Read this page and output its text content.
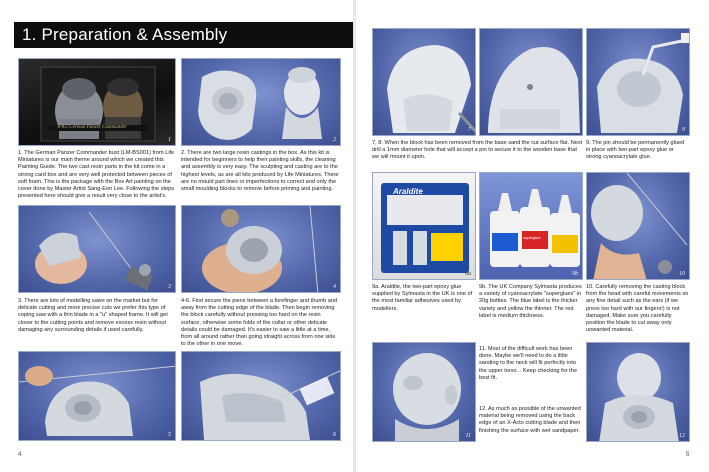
1. Preparation & Assembly
WW2 German Panzer Commander
1	2
1. The German Panzer Commander bust (LM-BS001) from Life Miniatures is our main theme around which we created this Painting Guide. The two cast resin parts in the kit come in a strong card box and are very well protected between pieces of soft foam. This is the package with the Box Art painting on the cover done by Master Artist Sang-Eon Lee. Following the steps presented here should give a result very close to the artist's.
2. There are two large resin castings in the box. As this kit is intended for beginners to help their painting skills, the cleaning and assembly is very easy. The sculpting and casting are to the highest levels, as are all kits produced by Life Miniatures. There are no mould part lines or imperfections to correct and only the small moulding blocks to remove before priming and painting.
3	4
3. There are lots of modelling saws on the market but for delicate cutting and more precise cuts we prefer this type of coping saw with a thin blade in a "u" shaped frame. It will get closer to the cutting points and remove excess resin without damaging any surrounding details if used carefully.
4-6. First secure the piece between a forefinger and thumb and away from the cutting edge of the blade. Then begin removing the block carefully without pressing too hard on the resin surface, otherwise some folds of the collar or other delicate details could be damaged. It's easier to saw a little at a time, from all around rather than going straight across from one side to the other in one move.
5	6
4
7	8	9
7, 8. When the block has been removed from the base sand the cut surface flat. Next drill a 1mm diameter hole that will accept a pin to secure it to the wooden base that we will mount it upon.
9. The pin should be permanently glued in place with two-part epoxy glue or strong cyanoacrylate glue.
Araldite
9a
superglue
9b	10
9a. Araldite, the two-part epoxy glue supplied by Sylmasta in the UK is one of the most familiar adhesives used by modellers.
9b. The UK Company Sylmasta produces a variety of cyanoacrylate "superglues" in 20g bottles. The blue label is the thicker variety and yellow the thinner. The red label is medium thickness.
10. Carefully removing the casting block from the head with careful movements so any fine detail such as the ears (if we press too hard with our fingers!) is not damaged. Make sure you carefully position the blade to cut away only unwanted material.
11
11. Most of the difficult work has been done. Maybe we'll need to do a little sanding to the neck will fit perfectly into the upper torso... Keep checking for the best fit.
12. As much as possible of the unwanted material being removed using the back edge of an X-Acto cutting blade and then finishing the surface with wet sandpaper.
12
5
